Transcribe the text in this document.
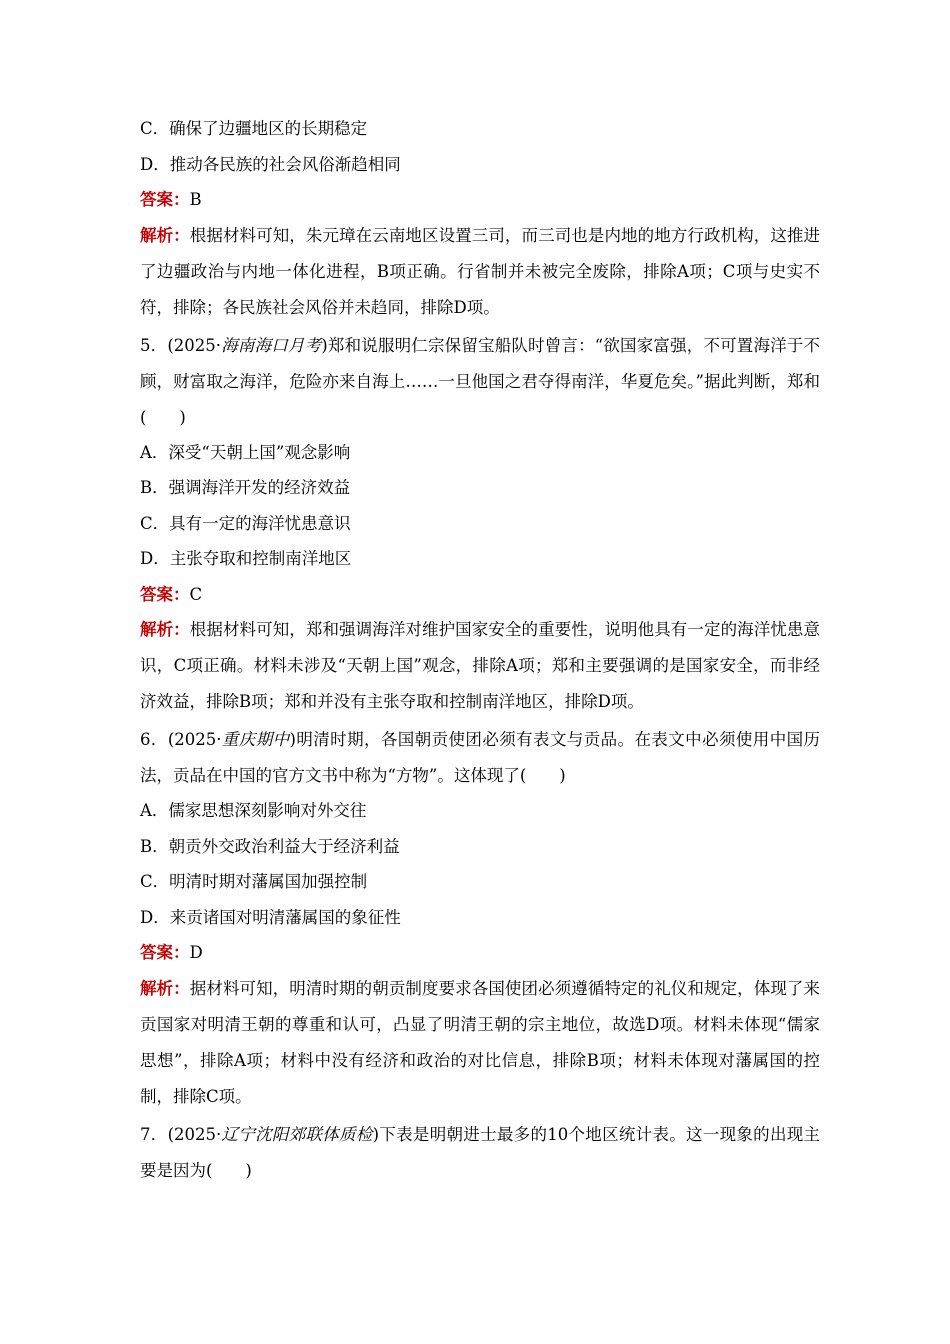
C．确保了边疆地区的长期稳定
D．推动各民族的社会风俗渐趋相同
答案：B
解析：根据材料可知，朱元璋在云南地区设置三司，而三司也是内地的地方行政机构，这推进了边疆政治与内地一体化进程，B项正确。行省制并未被完全废除，排除A项；C项与史实不符，排除；各民族社会风俗并未趋同，排除D项。
5．(2025·海南海口月考)郑和说服明仁宗保留宝船队时曾言：“欲国家富强，不可置海洋于不顾，财富取之海洋，危险亦来自海上……一旦他国之君夺得南洋，华夏危矣。”据此判断，郑和(　　)
A．深受“天朝上国”观念影响
B．强调海洋开发的经济效益
C．具有一定的海洋忧患意识
D．主张夺取和控制南洋地区
答案：C
解析：根据材料可知，郑和强调海洋对维护国家安全的重要性，说明他具有一定的海洋忧患意识，C项正确。材料未涉及“天朝上国”观念，排除A项；郑和主要强调的是国家安全，而非经济效益，排除B项；郑和并没有主张夺取和控制南洋地区，排除D项。
6．(2025·重庆期中)明清时期，各国朝贡使团必须有表文与贡品。在表文中必须使用中国历法，贡品在中国的官方文书中称为“方物”。这体现了(　　)
A．儒家思想深刻影响对外交往
B．朝贡外交政治利益大于经济利益
C．明清时期对藩属国加强控制
D．来贡诸国对明清藩属国的象征性
答案：D
解析：据材料可知，明清时期的朝贡制度要求各国使团必须遵循特定的礼仪和规定，体现了来贡国家对明清王朝的尊重和认可，凸显了明清王朝的宗主地位，故选D项。材料未体现“儒家思想”，排除A项；材料中没有经济和政治的对比信息，排除B项；材料未体现对藩属国的控制，排除C项。
7．(2025·辽宁沈阳郊联体质检)下表是明朝进士最多的10个地区统计表。这一现象的出现主要是因为(　　)
